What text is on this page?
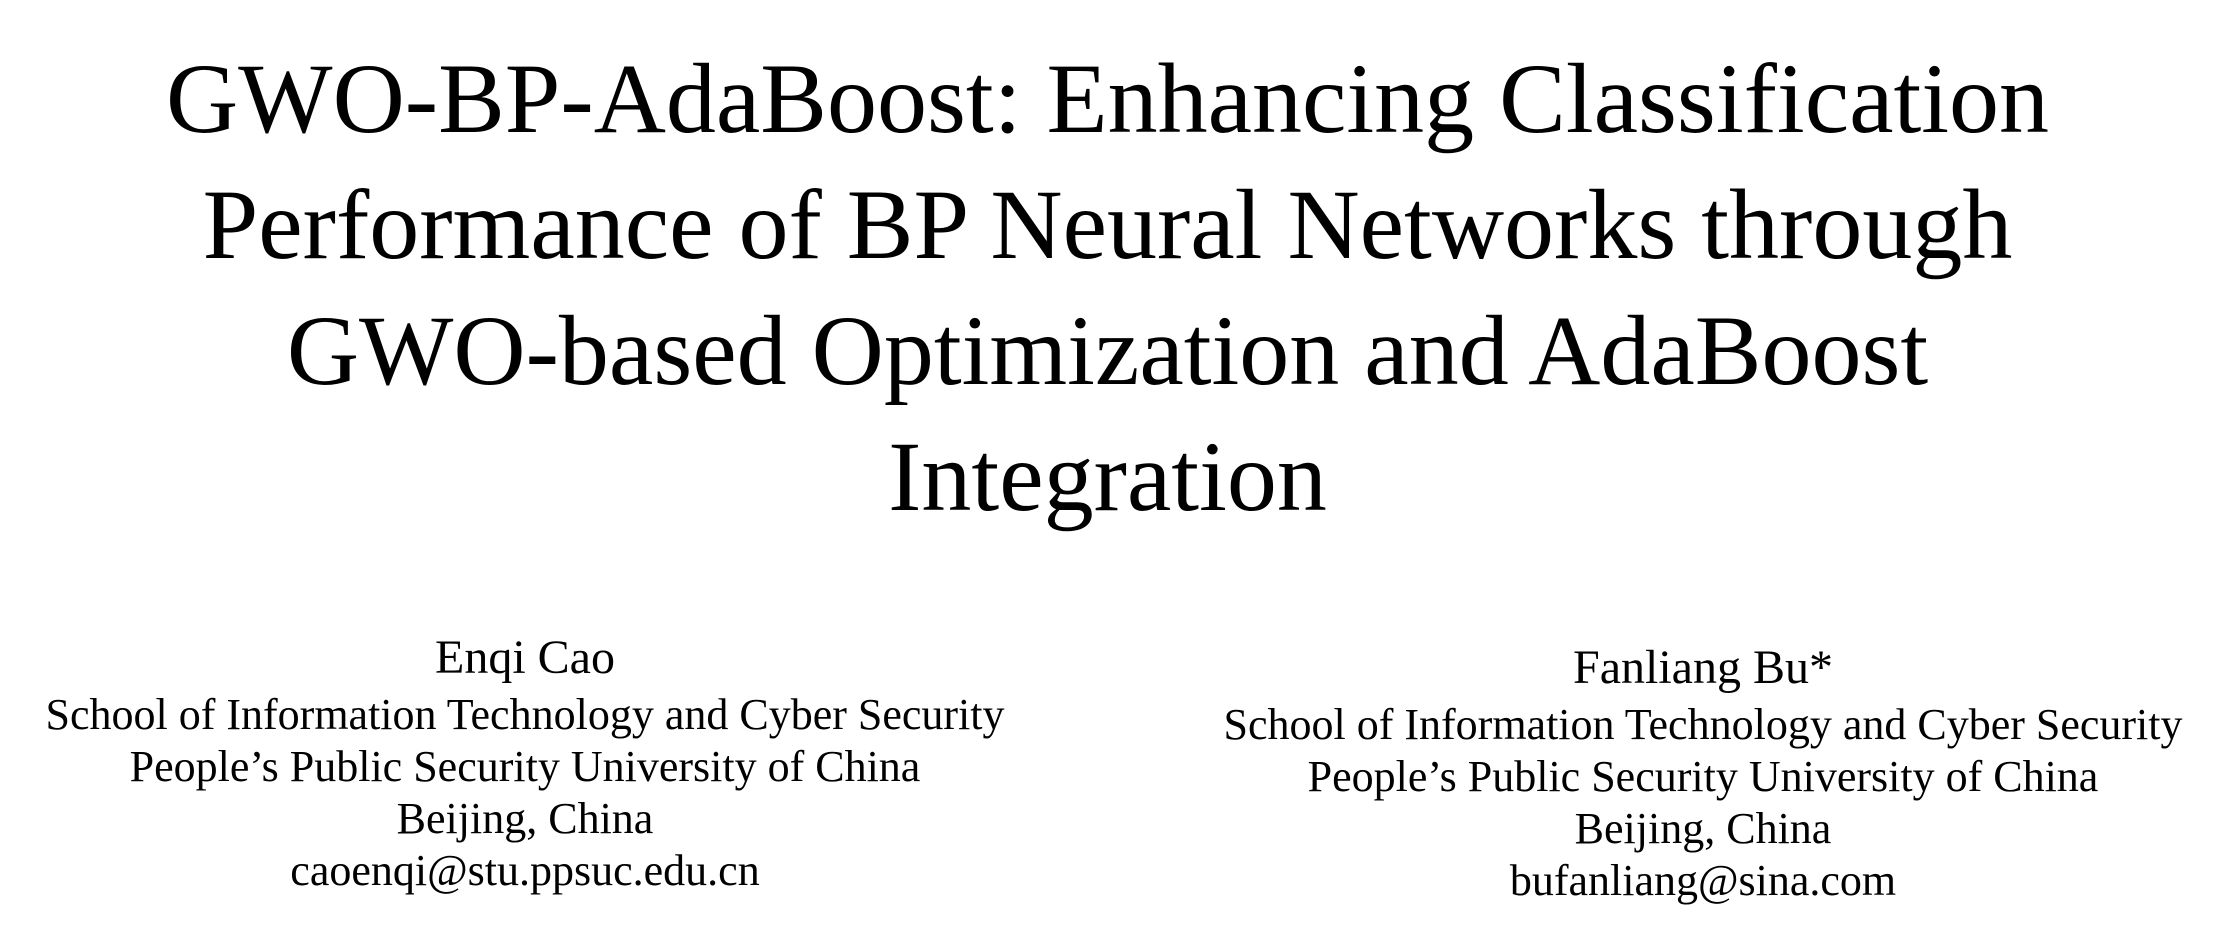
GWO-BP-AdaBoost: Enhancing Classification
Performance of BP Neural Networks through
GWO-based Optimization and AdaBoost
Integration
Enqi Cao
School of Information Technology and Cyber Security
People’s Public Security University of China
Beijing, China
caoenqi@stu.ppsuc.edu.cn
Fanliang Bu*
School of Information Technology and Cyber Security
People’s Public Security University of China
Beijing, China
bufanliang@sina.com
